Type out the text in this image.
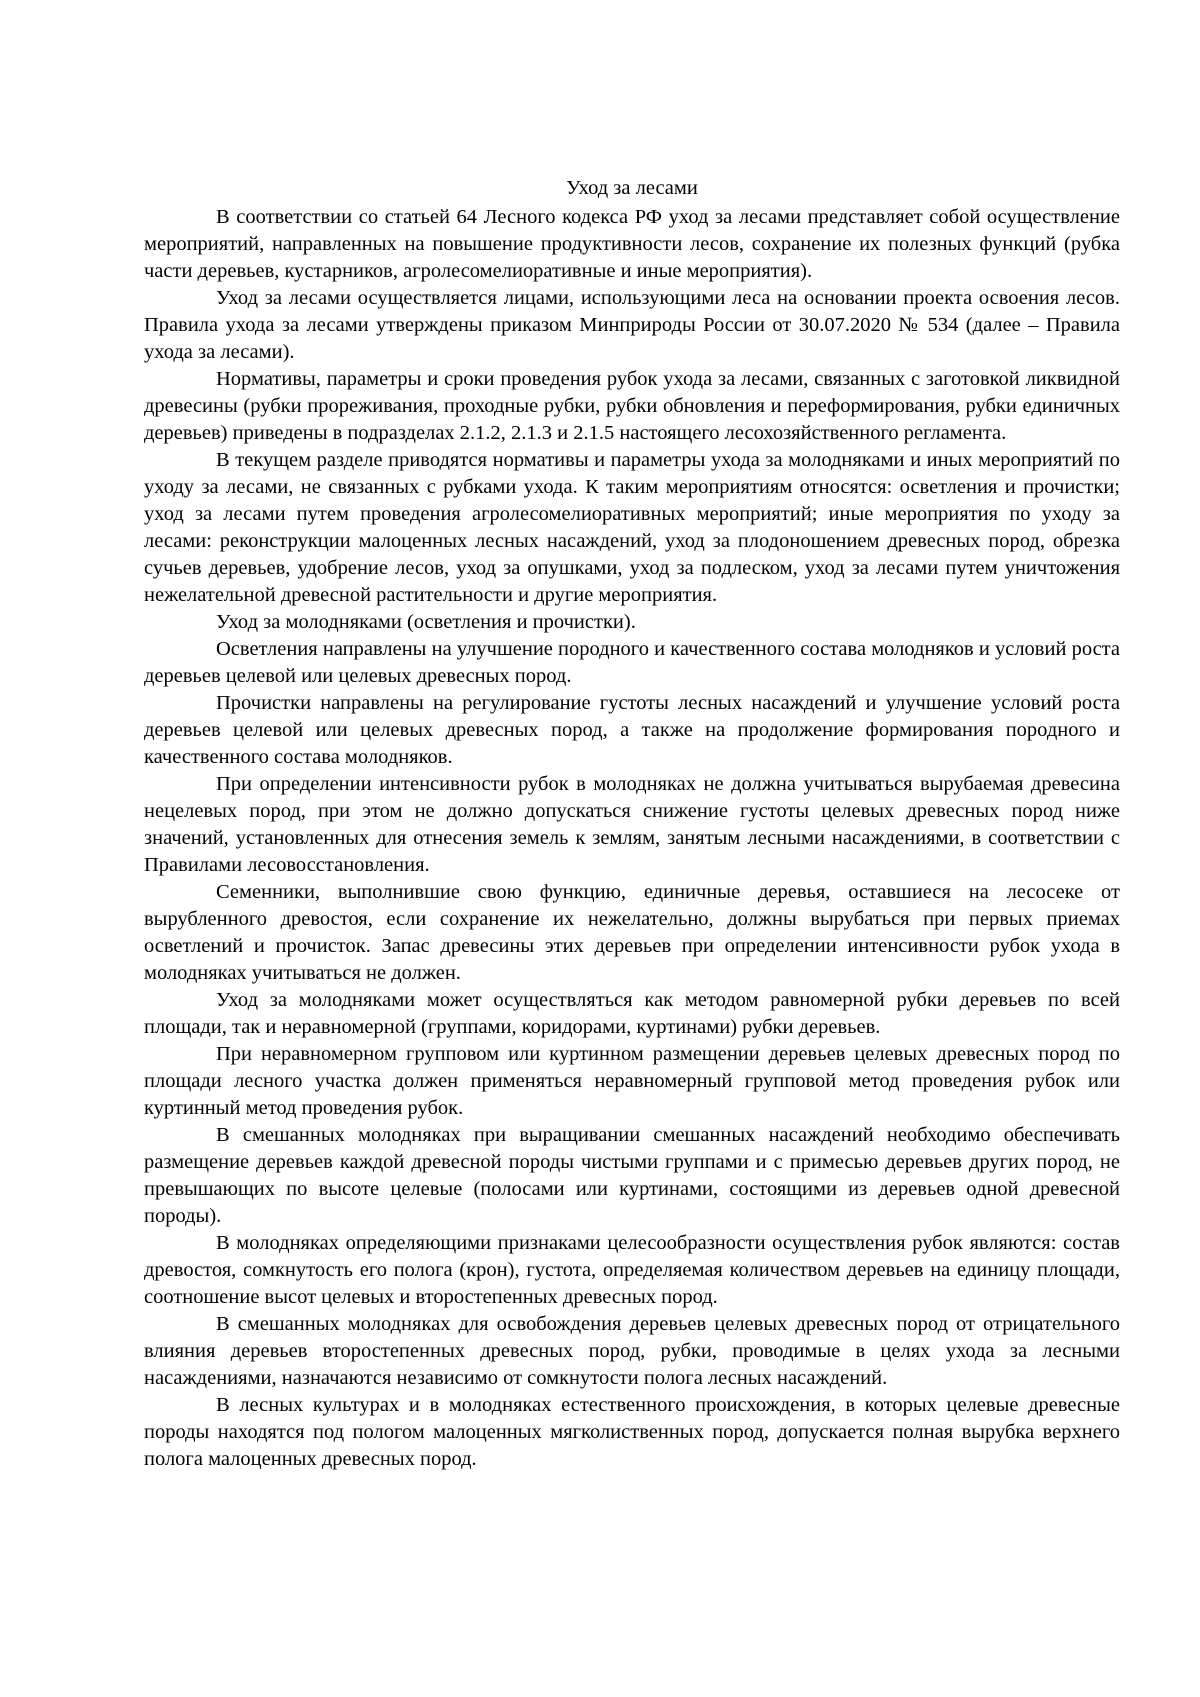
Уход за лесами

В соответствии со статьей 64 Лесного кодекса РФ уход за лесами представляет собой осуществление мероприятий, направленных на повышение продуктивности лесов, сохранение их полезных функций (рубка части деревьев, кустарников, агролесомелиоративные и иные мероприятия).

Уход за лесами осуществляется лицами, использующими леса на основании проекта освоения лесов. Правила ухода за лесами утверждены приказом Минприроды России от 30.07.2020 № 534 (далее – Правила ухода за лесами).

Нормативы, параметры и сроки проведения рубок ухода за лесами, связанных с заготовкой ликвидной древесины (рубки прореживания, проходные рубки, рубки обновления и переформирования, рубки единичных деревьев) приведены в подразделах 2.1.2, 2.1.3 и 2.1.5 настоящего лесохозяйственного регламента.

В текущем разделе приводятся нормативы и параметры ухода за молодняками и иных мероприятий по уходу за лесами, не связанных с рубками ухода. К таким мероприятиям относятся: осветления и прочистки; уход за лесами путем проведения агролесомелиоративных мероприятий; иные мероприятия по уходу за лесами: реконструкции малоценных лесных насаждений, уход за плодоношением древесных пород, обрезка сучьев деревьев, удобрение лесов, уход за опушками, уход за подлеском, уход за лесами путем уничтожения нежелательной древесной растительности и другие мероприятия.

Уход за молодняками (осветления и прочистки).

Осветления направлены на улучшение породного и качественного состава молодняков и условий роста деревьев целевой или целевых древесных пород.

Прочистки направлены на регулирование густоты лесных насаждений и улучшение условий роста деревьев целевой или целевых древесных пород, а также на продолжение формирования породного и качественного состава молодняков.

При определении интенсивности рубок в молодняках не должна учитываться вырубаемая древесина нецелевых пород, при этом не должно допускаться снижение густоты целевых древесных пород ниже значений, установленных для отнесения земель к землям, занятым лесными насаждениями, в соответствии с Правилами лесовосстановления.

Семенники, выполнившие свою функцию, единичные деревья, оставшиеся на лесосеке от вырубленного древостоя, если сохранение их нежелательно, должны вырубаться при первых приемах осветлений и прочисток. Запас древесины этих деревьев при определении интенсивности рубок ухода в молодняках учитываться не должен.

Уход за молодняками может осуществляться как методом равномерной рубки деревьев по всей площади, так и неравномерной (группами, коридорами, куртинами) рубки деревьев.

При неравномерном групповом или куртинном размещении деревьев целевых древесных пород по площади лесного участка должен применяться неравномерный групповой метод проведения рубок или куртинный метод проведения рубок.

В смешанных молодняках при выращивании смешанных насаждений необходимо обеспечивать размещение деревьев каждой древесной породы чистыми группами и с примесью деревьев других пород, не превышающих по высоте целевые (полосами или куртинами, состоящими из деревьев одной древесной породы).

В молодняках определяющими признаками целесообразности осуществления рубок являются: состав древостоя, сомкнутость его полога (крон), густота, определяемая количеством деревьев на единицу площади, соотношение высот целевых и второстепенных древесных пород.

В смешанных молодняках для освобождения деревьев целевых древесных пород от отрицательного влияния деревьев второстепенных древесных пород, рубки, проводимые в целях ухода за лесными насаждениями, назначаются независимо от сомкнутости полога лесных насаждений.

В лесных культурах и в молодняках естественного происхождения, в которых целевые древесные породы находятся под пологом малоценных мягколиственных пород, допускается полная вырубка верхнего полога малоценных древесных пород.
